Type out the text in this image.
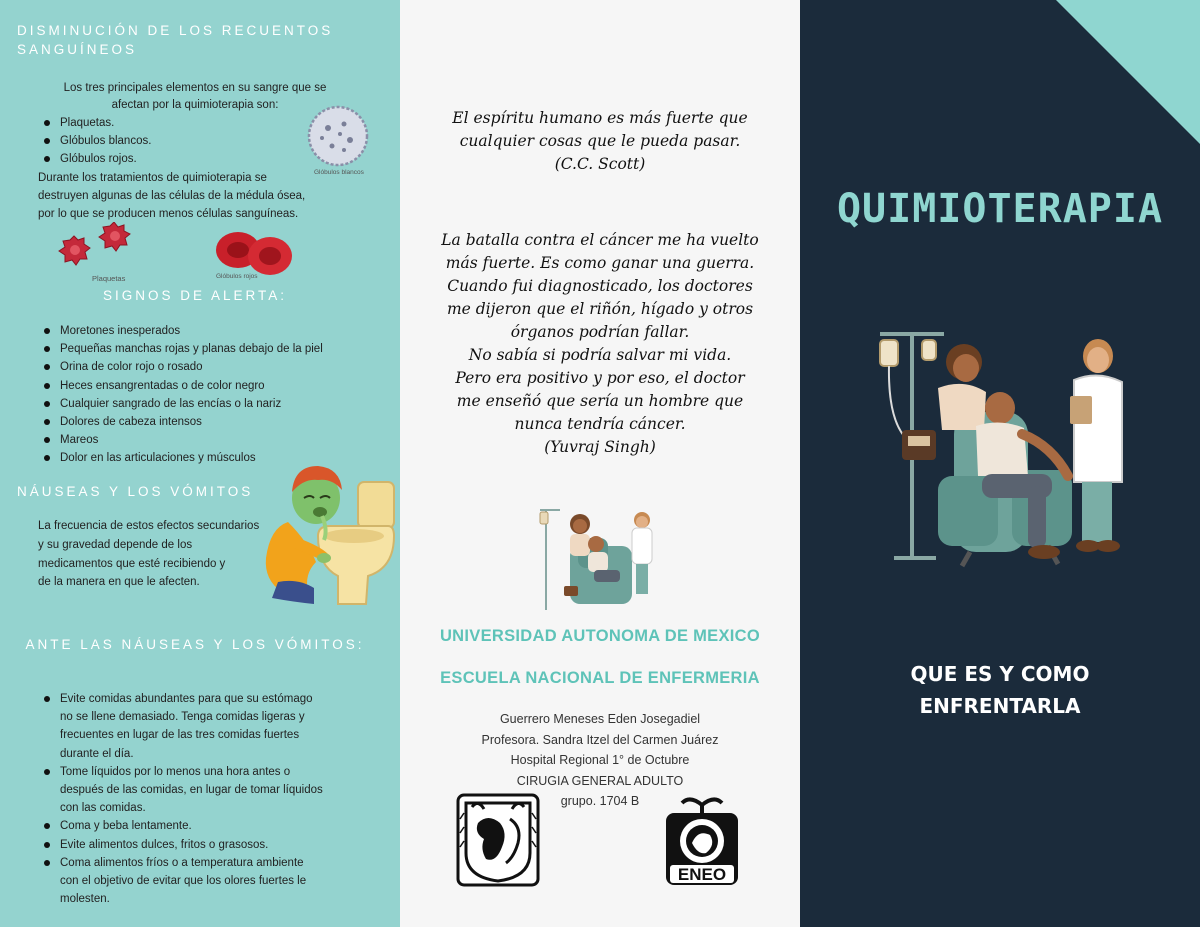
DISMINUCIÓN DE LOS RECUENTOS
SANGUÍNEOS
Los tres principales elementos en su sangre que se
afectan por la quimioterapia son:
Plaquetas.
Glóbulos blancos.
Glóbulos rojos.
Durante los tratamientos de quimioterapia se
destruyen algunas de las células de la médula ósea,
por lo que se producen menos células sanguíneas.
Glóbulos blancos
Plaquetas	Glóbulos rojos
SIGNOS DE ALERTA:
Moretones inesperados
Pequeñas manchas rojas y planas debajo de la piel
Orina de color rojo o rosado
Heces ensangrentadas o de color negro
Cualquier sangrado de las encías o la nariz
Dolores de cabeza intensos
Mareos
Dolor en las articulaciones y músculos
NÁUSEAS Y LOS VÓMITOS
La frecuencia de estos efectos secundarios
y su gravedad depende de los
medicamentos que esté recibiendo y
de la manera en que le afecten.
ANTE LAS NÁUSEAS Y LOS VÓMITOS:
Evite comidas abundantes para que su estómago
no se llene demasiado. Tenga comidas ligeras y
frecuentes en lugar de las tres comidas fuertes
durante el día.
Tome líquidos por lo menos una hora antes o
después de las comidas, en lugar de tomar líquidos
con las comidas.
Coma y beba lentamente.
Evite alimentos dulces, fritos o grasosos.
Coma alimentos fríos o a temperatura ambiente
con el objetivo de evitar que los olores fuertes le
molesten.
El espíritu humano es más fuerte que
cualquier cosas que le pueda pasar.
(C.C. Scott)
La batalla contra el cáncer me ha vuelto
más fuerte. Es como ganar una guerra.
Cuando fui diagnosticado, los doctores
me dijeron que el riñón, hígado y otros
órganos podrían fallar.
No sabía si podría salvar mi vida.
Pero era positivo y por eso, el doctor
me enseñó que sería un hombre que
nunca tendría cáncer.
(Yuvraj Singh)
UNIVERSIDAD AUTONOMA DE MEXICO
ESCUELA NACIONAL DE ENFERMERIA
Guerrero Meneses Eden Josegadiel
Profesora. Sandra Itzel del Carmen Juárez
Hospital Regional 1° de Octubre
CIRUGIA GENERAL ADULTO
grupo. 1704 B
ENEO
QUIMIOTERAPIA
QUE ES Y COMO
ENFRENTARLA
